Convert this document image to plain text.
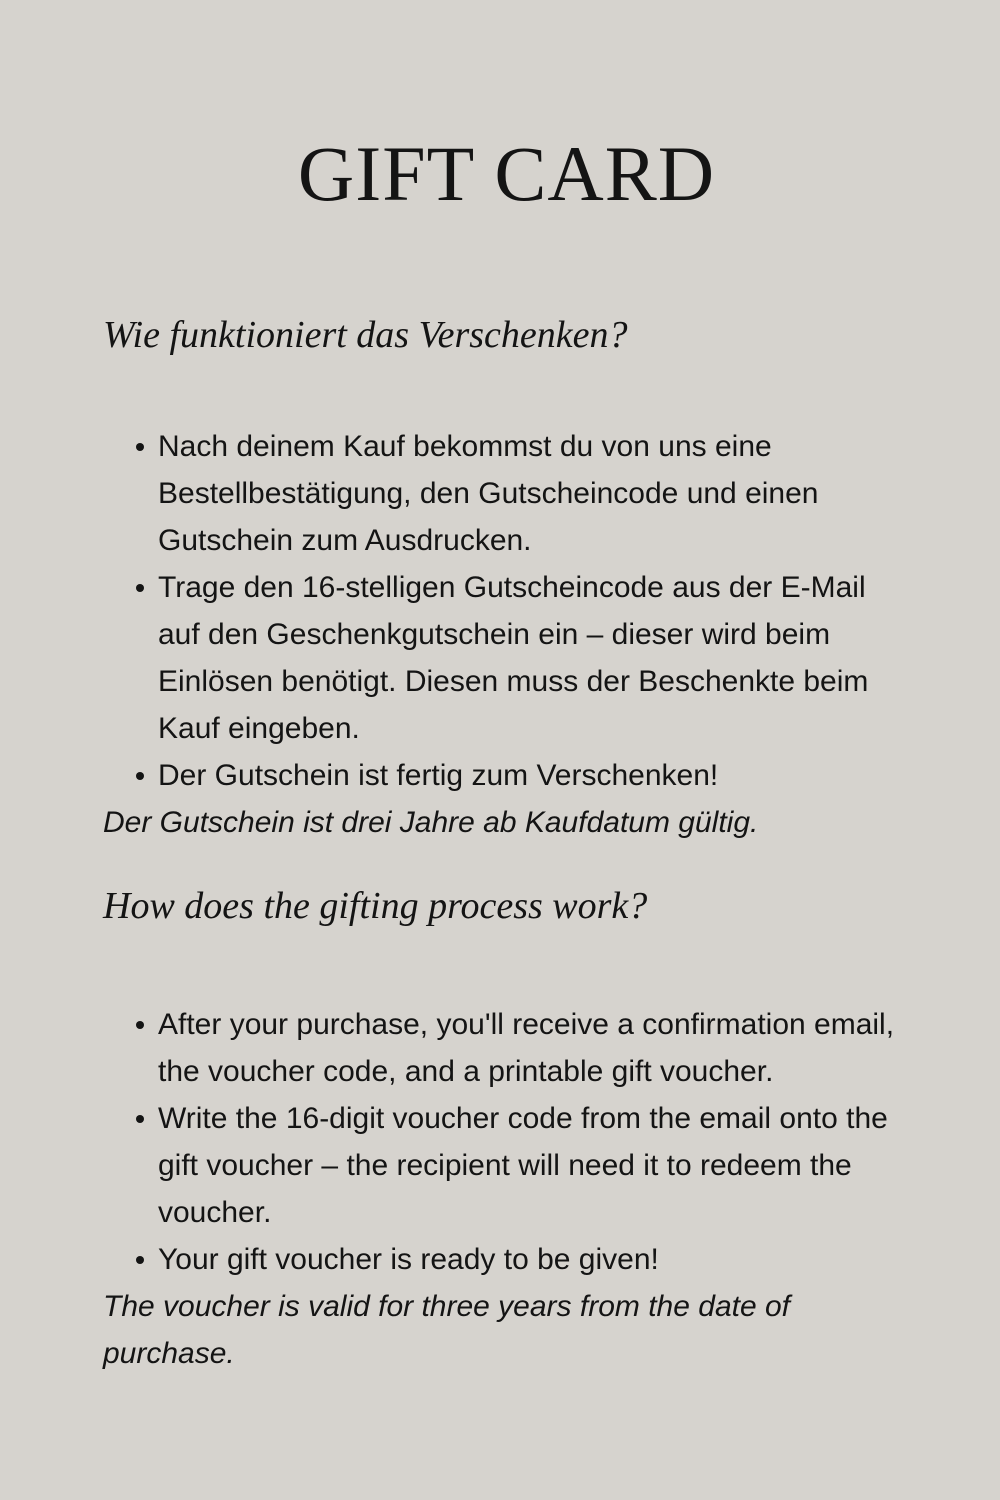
GIFT CARD
Wie funktioniert das Verschenken?
Nach deinem Kauf bekommst du von uns eine Bestellbestätigung, den Gutscheincode und einen Gutschein zum Ausdrucken.
Trage den 16-stelligen Gutscheincode aus der E-Mail auf den Geschenkgutschein ein – dieser wird beim Einlösen benötigt. Diesen muss der Beschenkte beim Kauf eingeben.
Der Gutschein ist fertig zum Verschenken!

Der Gutschein ist drei Jahre ab Kaufdatum gültig.

How does the gifting process work?
After your purchase, you'll receive a confirmation email, the voucher code, and a printable gift voucher.
Write the 16-digit voucher code from the email onto the gift voucher – the recipient will need it to redeem the voucher.
Your gift voucher is ready to be given!

The voucher is valid for three years from the date of purchase.
